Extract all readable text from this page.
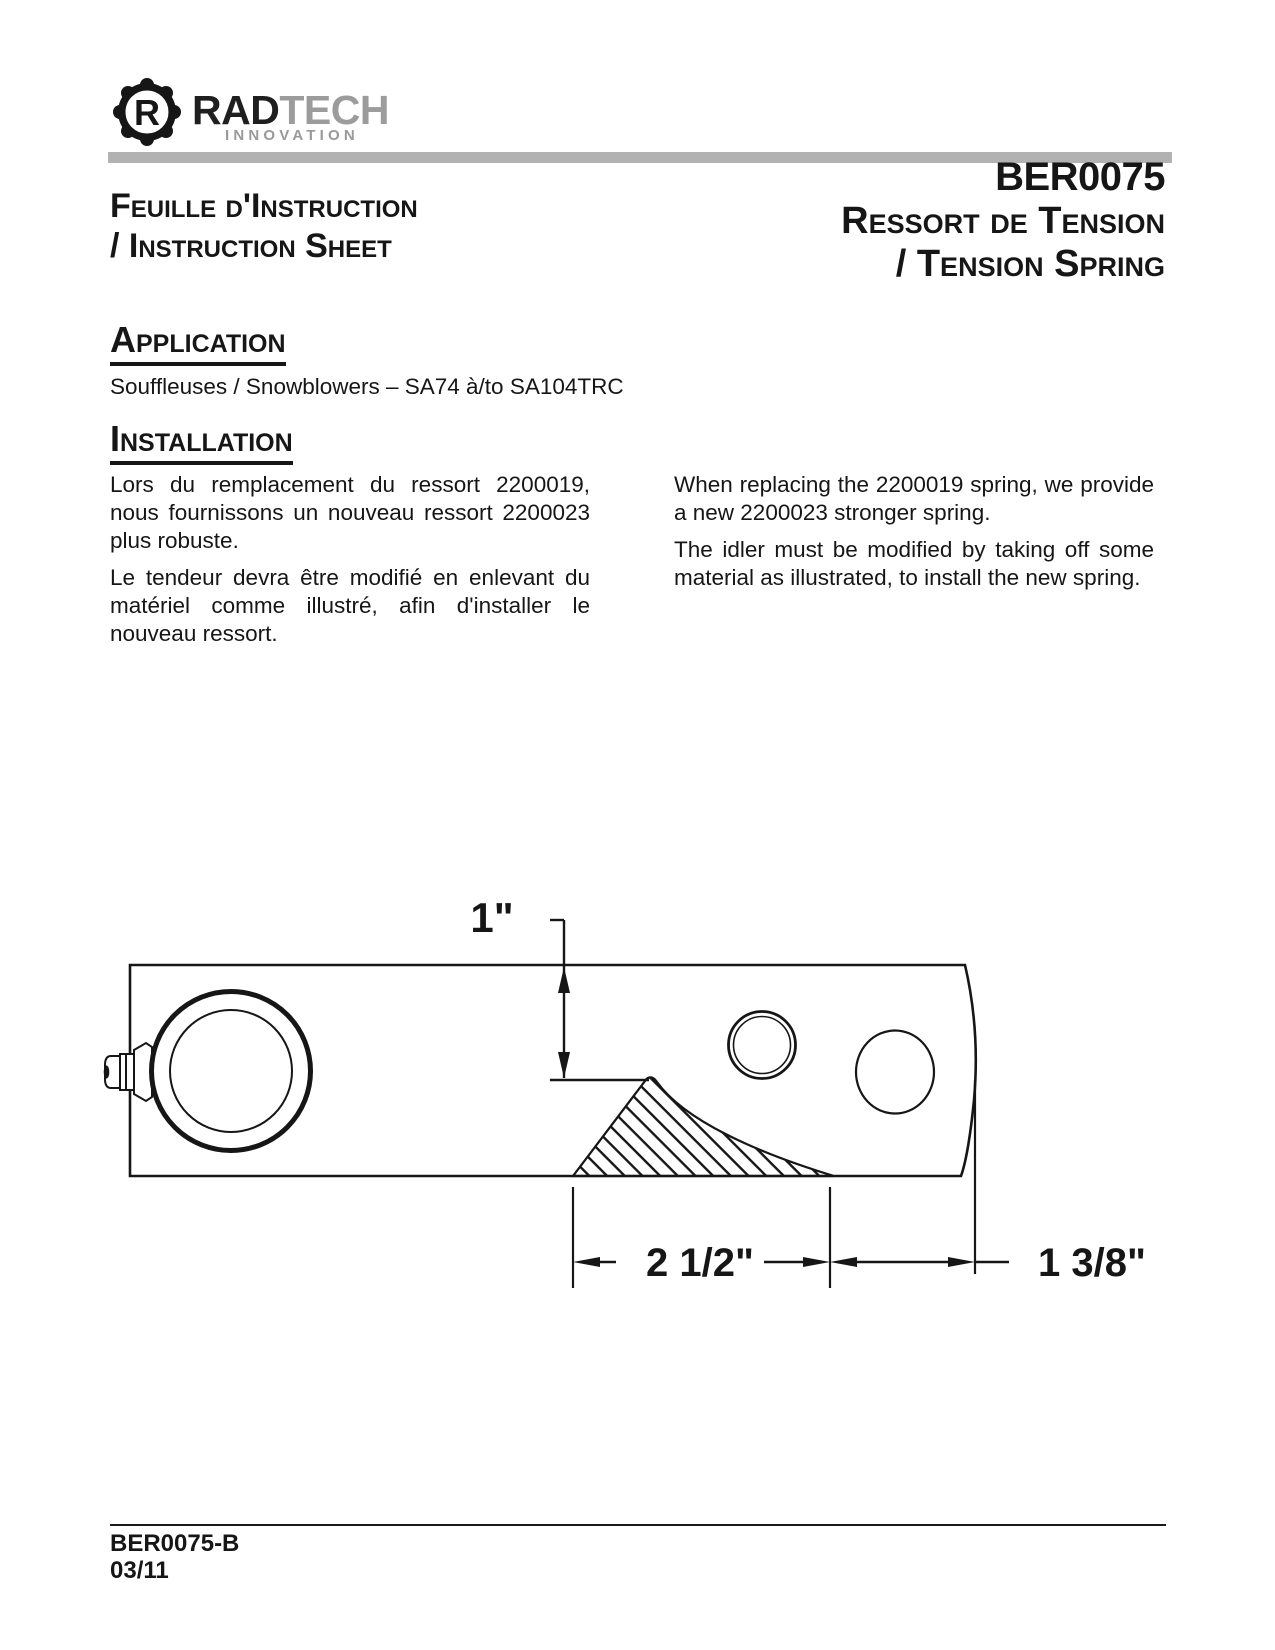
R RADTECH
INNOVATION
Feuille d'Instruction
/ Instruction Sheet
BER0075
Ressort de Tension
/ Tension Spring
Application
Souffleuses / Snowblowers – SA74 à/to SA104TRC
Installation

Lors du remplacement du ressort 2200019, nous fournissons un nouveau ressort 2200023 plus robuste.

Le tendeur devra être modifié en enlevant du matériel comme illustré, afin d'installer le nouveau ressort.

When replacing the 2200019 spring, we provide a new 2200023 stronger spring.

The idler must be modified by taking off some material as illustrated, to install the new spring.

1"
2 1/2"	1 3/8"
BER0075-B
03/11
